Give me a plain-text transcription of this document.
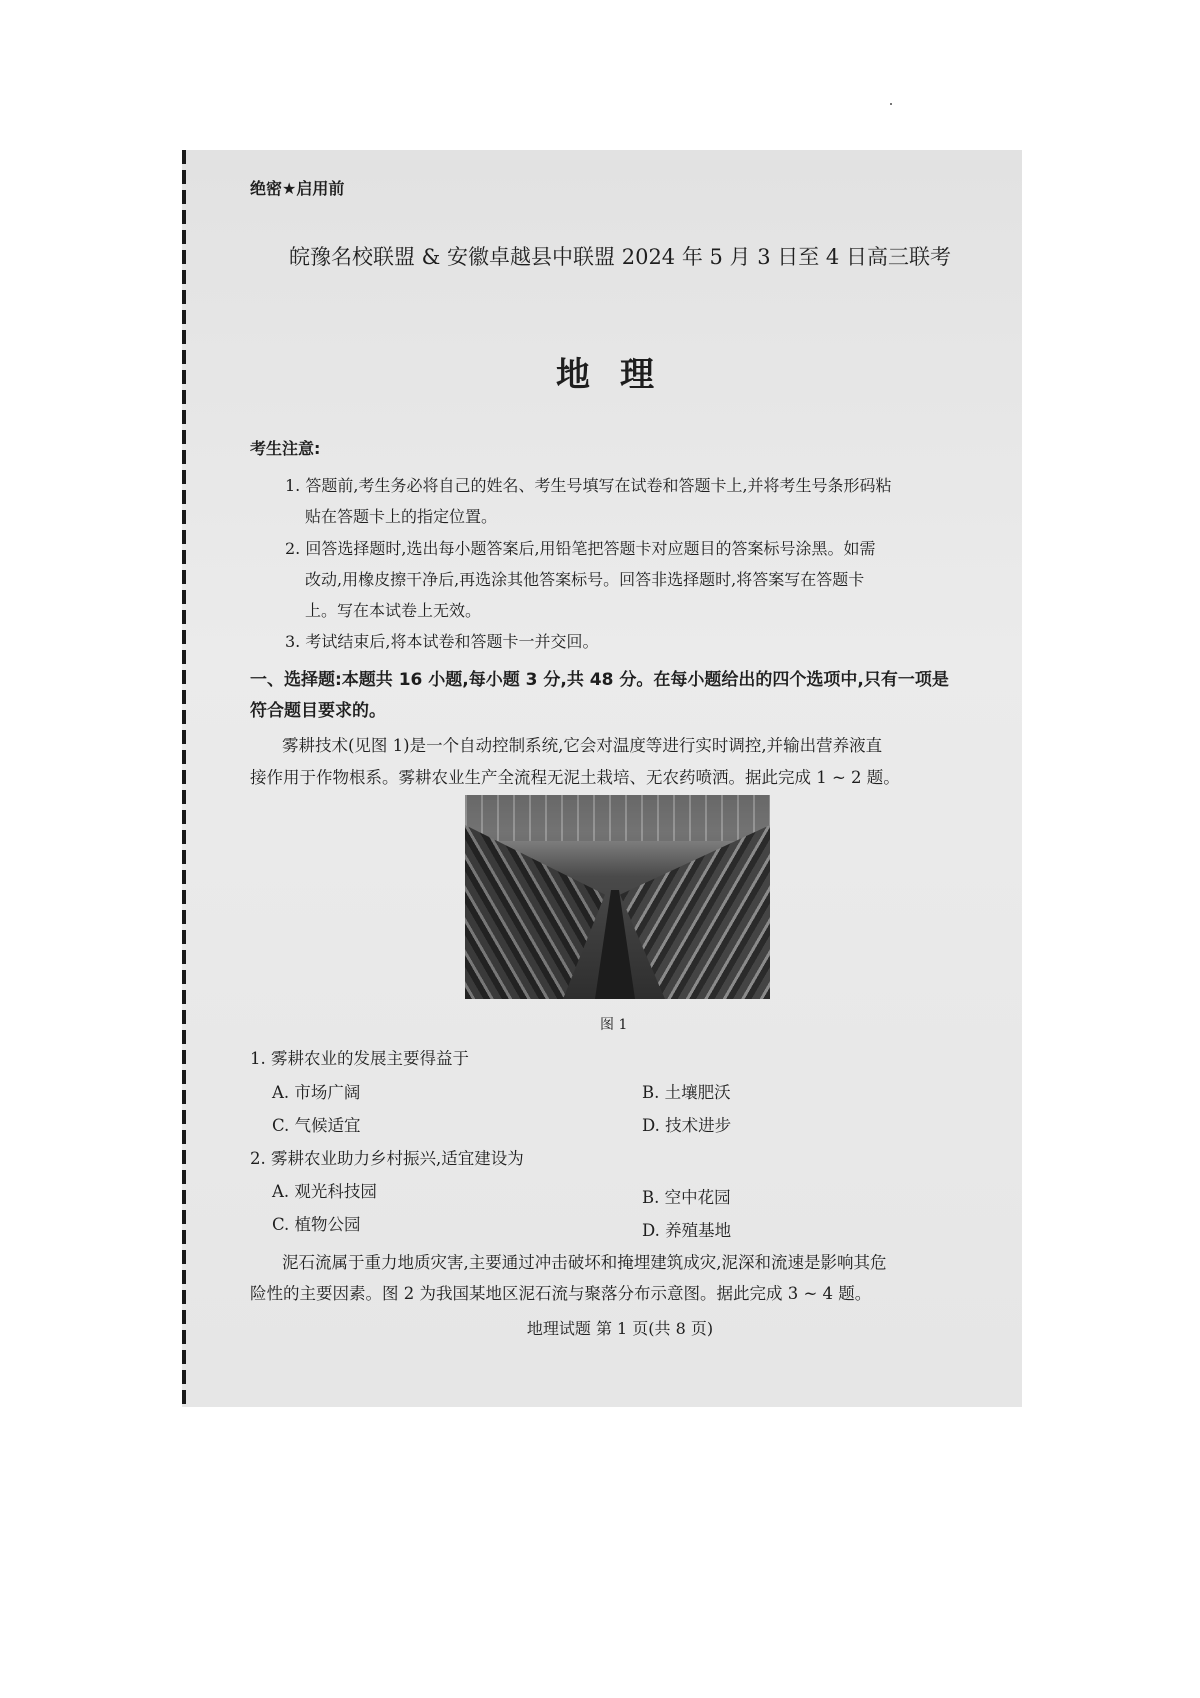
绝密★启用前
皖豫名校联盟 & 安徽卓越县中联盟 2024 年 5 月 3 日至 4 日高三联考
地理
考生注意:
1. 答题前,考生务必将自己的姓名、考生号填写在试卷和答题卡上,并将考生号条形码粘
贴在答题卡上的指定位置。
2. 回答选择题时,选出每小题答案后,用铅笔把答题卡对应题目的答案标号涂黑。如需
改动,用橡皮擦干净后,再选涂其他答案标号。回答非选择题时,将答案写在答题卡
上。写在本试卷上无效。
3. 考试结束后,将本试卷和答题卡一并交回。
一、选择题:本题共 16 小题,每小题 3 分,共 48 分。在每小题给出的四个选项中,只有一项是
符合题目要求的。
雾耕技术(见图 1)是一个自动控制系统,它会对温度等进行实时调控,并输出营养液直
接作用于作物根系。雾耕农业生产全流程无泥土栽培、无农药喷洒。据此完成 1 ~ 2 题。
图 1
1. 雾耕农业的发展主要得益于
A. 市场广阔	B. 土壤肥沃
C. 气候适宜	D. 技术进步
2. 雾耕农业助力乡村振兴,适宜建设为
A. 观光科技园	B. 空中花园
C. 植物公园	D. 养殖基地
泥石流属于重力地质灾害,主要通过冲击破坏和掩埋建筑成灾,泥深和流速是影响其危
险性的主要因素。图 2 为我国某地区泥石流与聚落分布示意图。据此完成 3 ~ 4 题。
地理试题 第 1 页(共 8 页)
